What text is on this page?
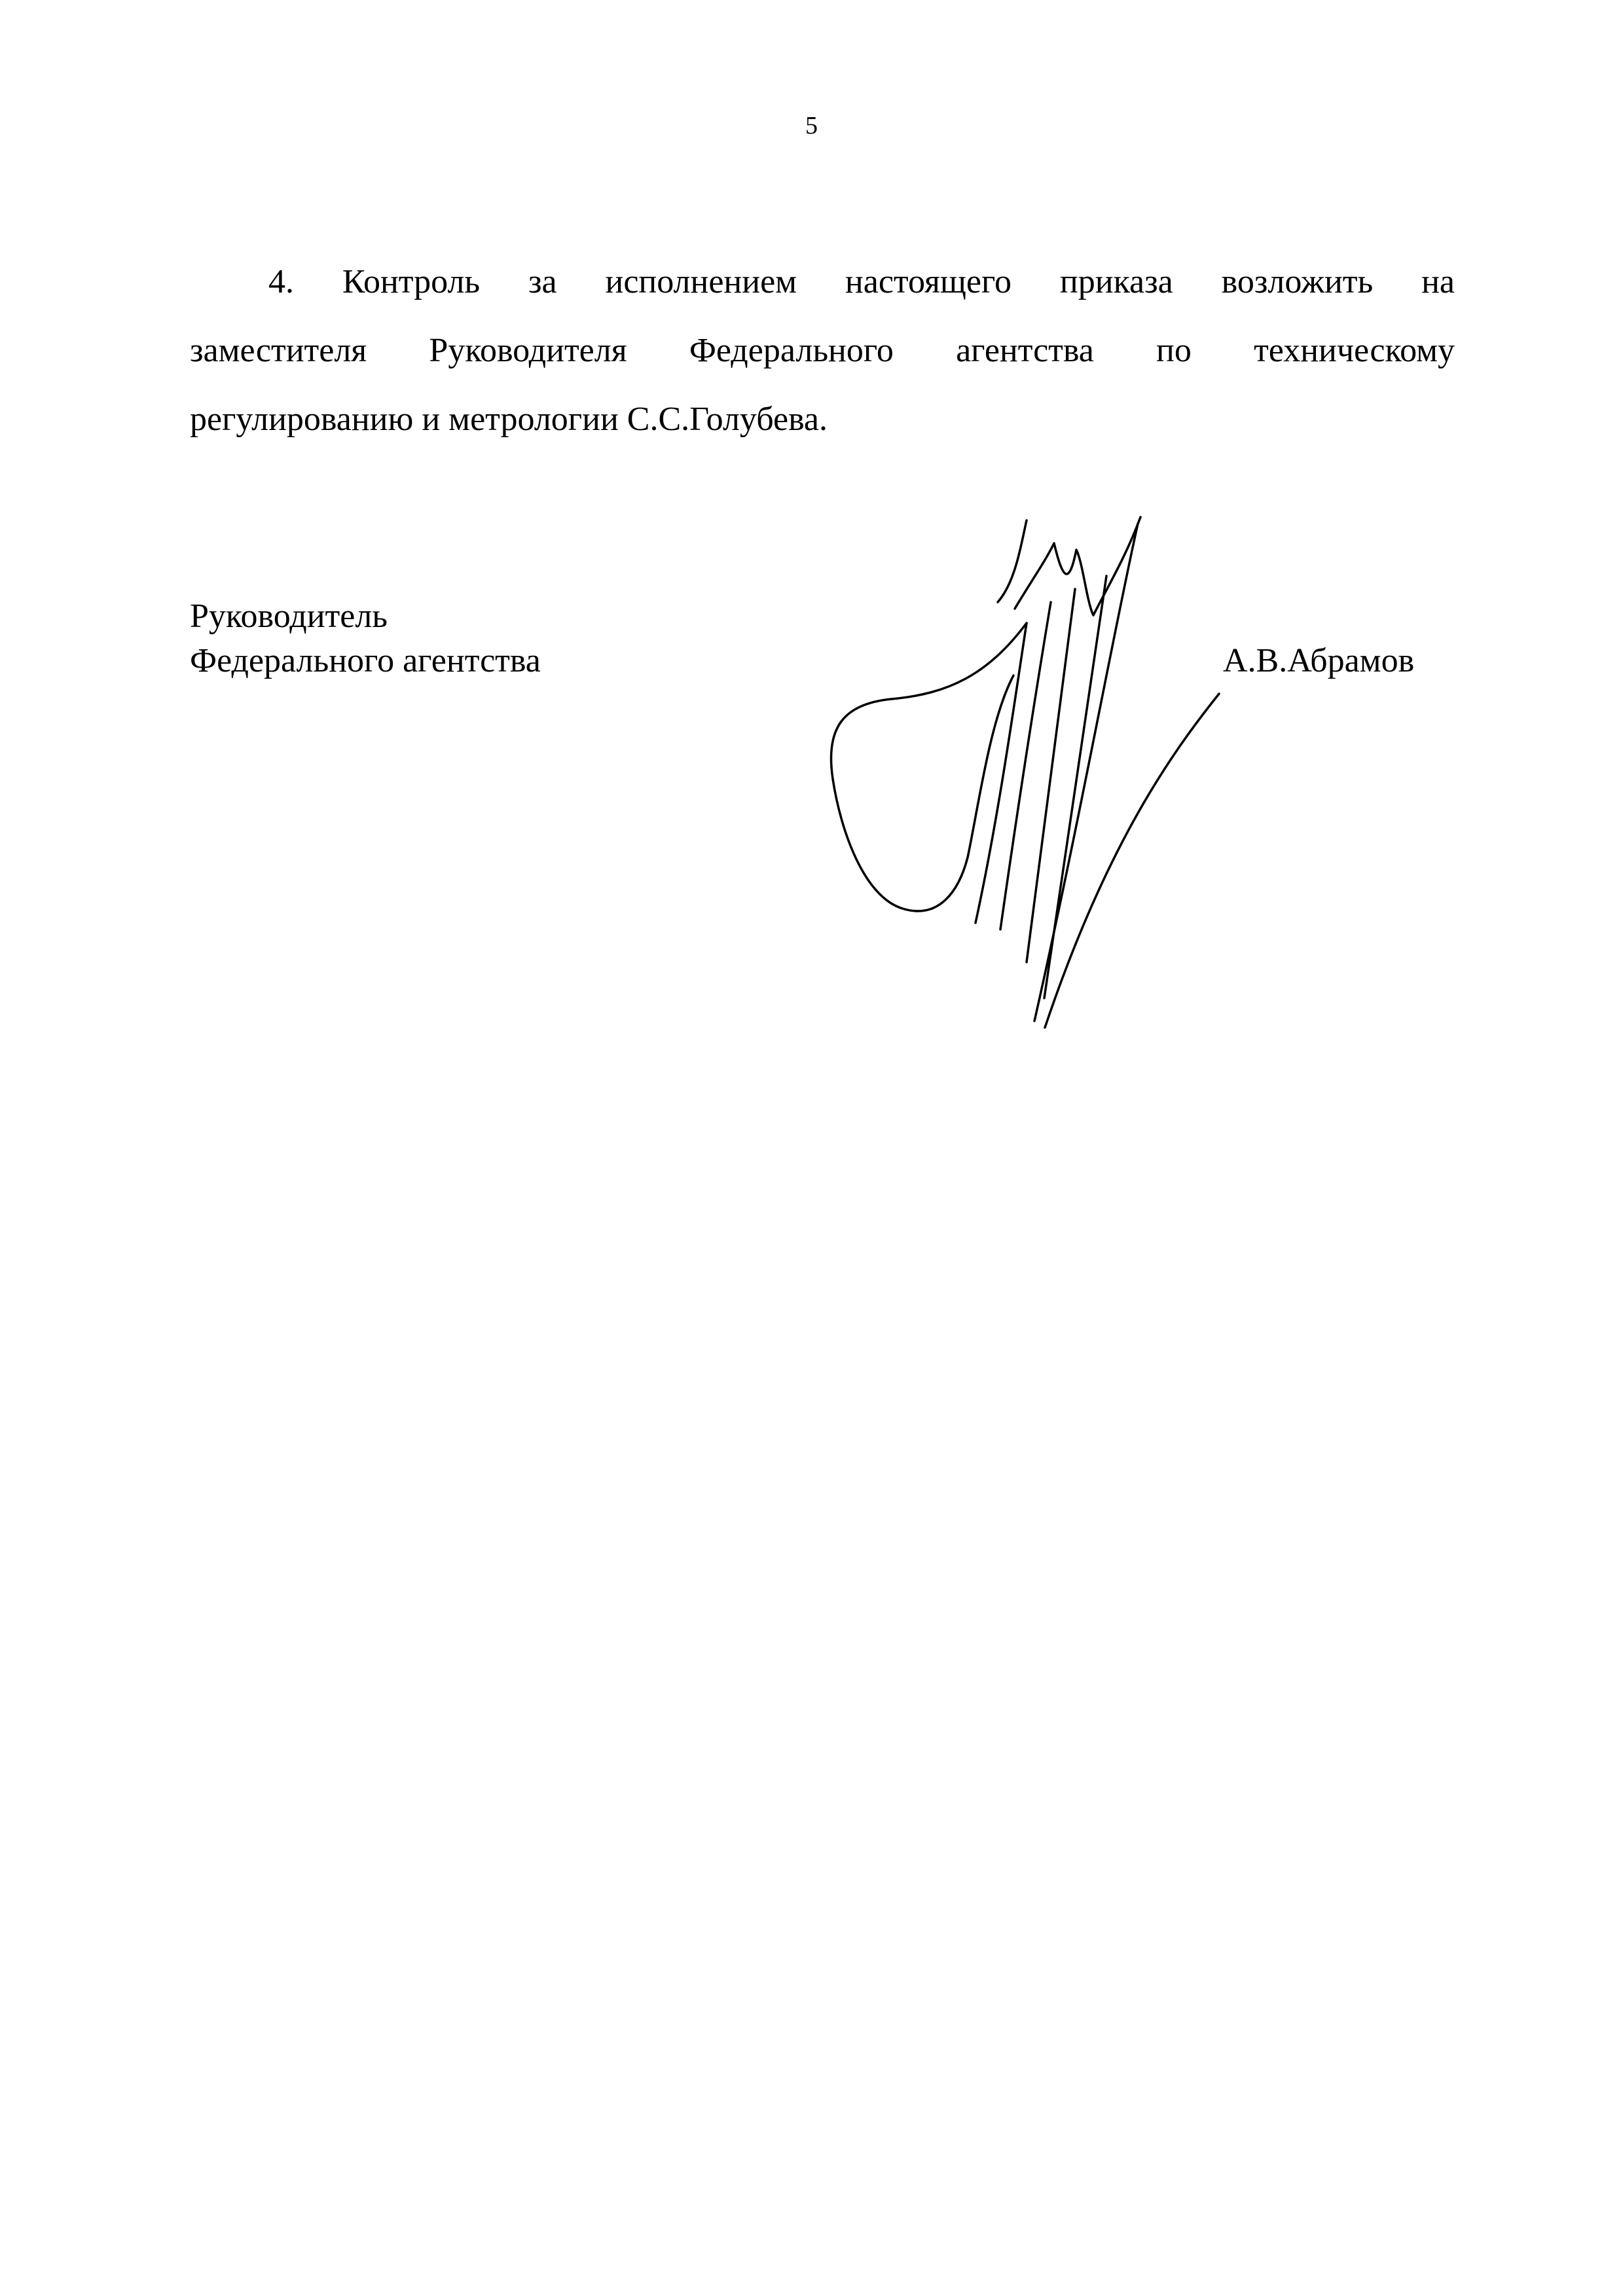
5
4. Контроль за исполнением настоящего приказа возложить на
заместителя Руководителя Федерального агентства по техническому
регулированию и метрологии С.С.Голубева.
Руководитель
Федерального агентства	А.В.Абрамов
